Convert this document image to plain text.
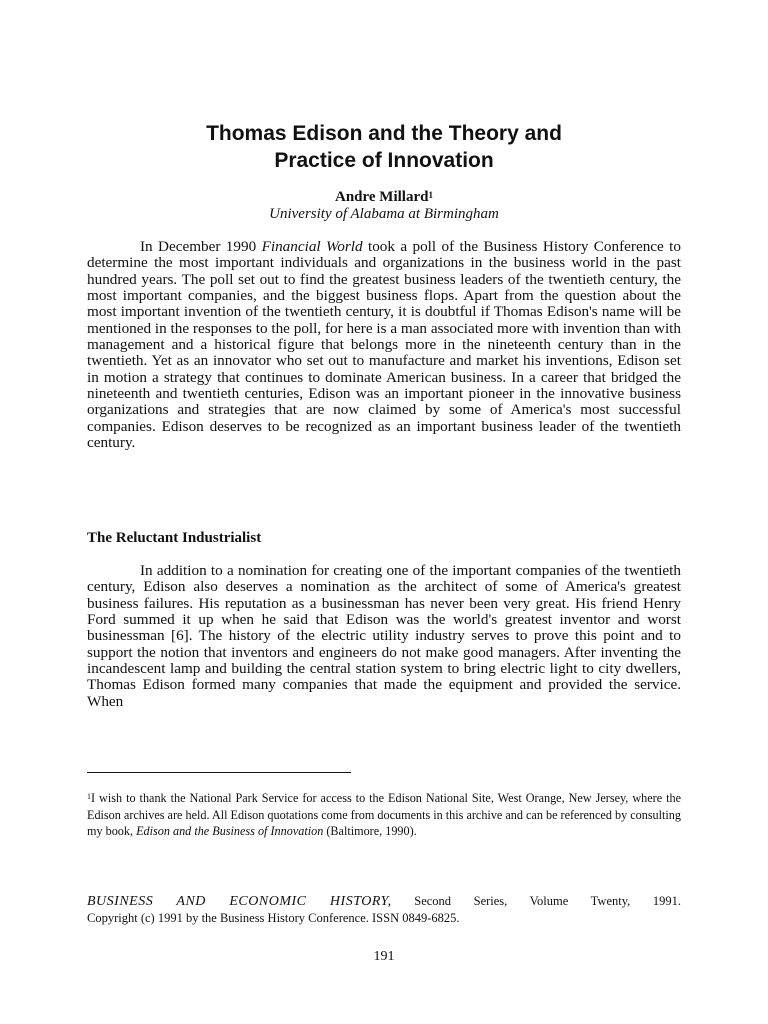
Thomas Edison and the Theory and
Practice of Innovation
Andre Millard$^1$
University of Alabama at Birmingham

In December 1990 Financial World took a poll of the Business History Conference to determine the most important individuals and organizations in the business world in the past hundred years. The poll set out to find the greatest business leaders of the twentieth century, the most important companies, and the biggest business flops. Apart from the question about the most important invention of the twentieth century, it is doubtful if Thomas Edison's name will be mentioned in the responses to the poll, for here is a man associated more with invention than with management and a historical figure that belongs more in the nineteenth century than in the twentieth. Yet as an innovator who set out to manufacture and market his inventions, Edison set in motion a strategy that continues to dominate American business. In a career that bridged the nineteenth and twentieth centuries, Edison was an important pioneer in the innovative business organizations and strategies that are now claimed by some of America's most successful companies. Edison deserves to be recognized as an important business leader of the twentieth century.

The Reluctant Industrialist

In addition to a nomination for creating one of the important companies of the twentieth century, Edison also deserves a nomination as the architect of some of America's greatest business failures. His reputation as a businessman has never been very great. His friend Henry Ford summed it up when he said that Edison was the world's greatest inventor and worst businessman [6]. The history of the electric utility industry serves to prove this point and to support the notion that inventors and engineers do not make good managers. After inventing the incandescent lamp and building the central station system to bring electric light to city dwellers, Thomas Edison formed many companies that made the equipment and provided the service. When

$^1$I wish to thank the National Park Service for access to the Edison National Site, West Orange, New Jersey, where the Edison archives are held. All Edison quotations come from documents in this archive and can be referenced by consulting my book, Edison and the Business of Innovation (Baltimore, 1990).

BUSINESS AND ECONOMIC HISTORY, Second Series, Volume Twenty, 1991.
Copyright (c) 1991 by the Business History Conference. ISSN 0849-6825.
191
